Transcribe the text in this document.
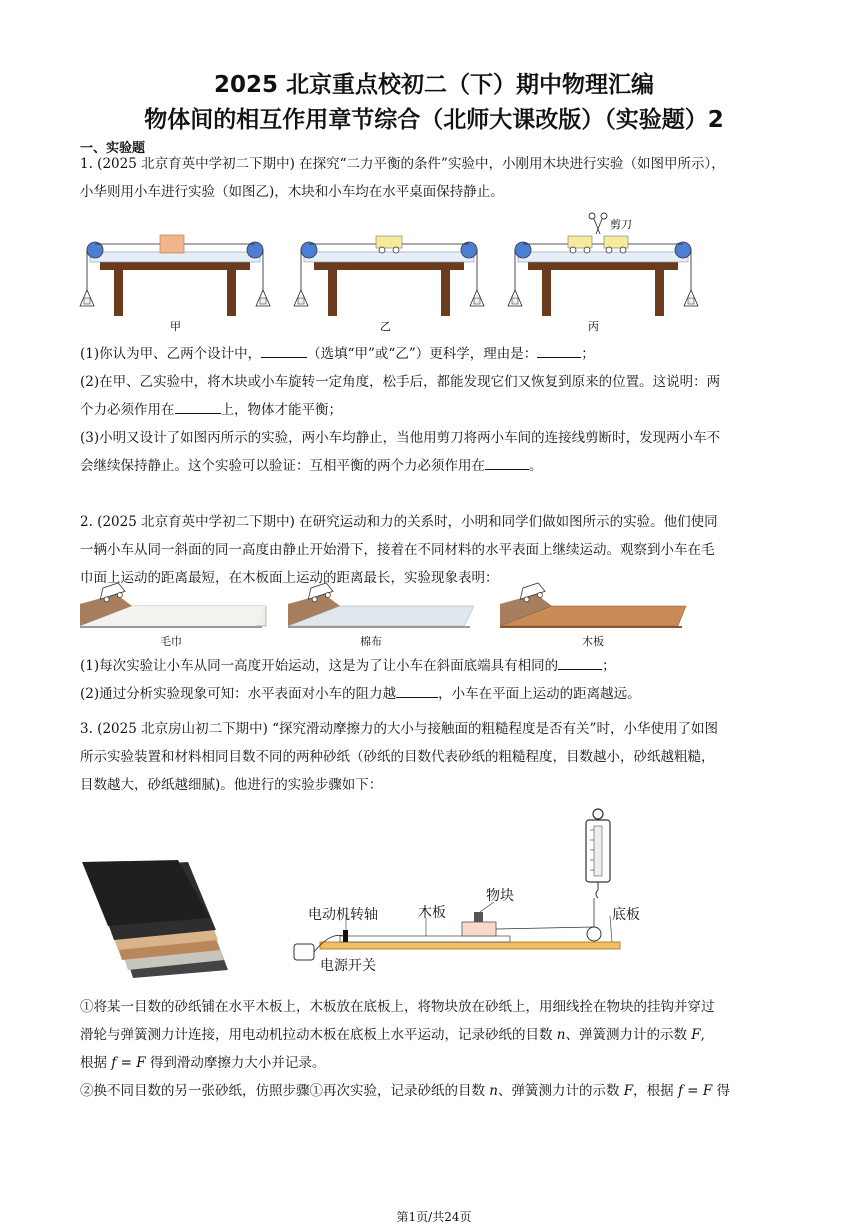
2025 北京重点校初二（下）期中物理汇编
物体间的相互作用章节综合（北师大课改版）（实验题）2
一、实验题
1. (2025 北京育英中学初二下期中) 在探究“二力平衡的条件”实验中，小刚用木块进行实验（如图甲所示），
小华则用小车进行实验（如图乙)，木块和小车均在水平桌面保持静止。
剪刀
甲	乙	丙
(1)你认为甲、乙两个设计中，	（选填“甲”或“乙”）更科学，理由是：	；
(2)在甲、乙实验中，将木块或小车旋转一定角度，松手后，都能发现它们又恢复到原来的位置。这说明：两
个力必须作用在	上，物体才能平衡；
(3)小明又设计了如图丙所示的实验，两小车均静止，当他用剪刀将两小车间的连接线剪断时，发现两小车不
会继续保持静止。这个实验可以验证：互相平衡的两个力必须作用在	。
2. (2025 北京育英中学初二下期中) 在研究运动和力的关系时，小明和同学们做如图所示的实验。他们使同
一辆小车从同一斜面的同一高度由静止开始滑下，接着在不同材料的水平表面上继续运动。观察到小车在毛
巾面上运动的距离最短，在木板面上运动的距离最长，实验现象表明：
毛巾	棉布	木板
(1)每次实验让小车从同一高度开始运动，这是为了让小车在斜面底端具有相同的	；
(2)通过分析实验现象可知：水平表面对小车的阻力越	，小车在平面上运动的距离越远。
3. (2025 北京房山初二下期中) “探究滑动摩擦力的大小与接触面的粗糙程度是否有关”时，小华使用了如图
所示实验装置和材料相同目数不同的两种砂纸（砂纸的目数代表砂纸的粗糙程度，目数越小，砂纸越粗糙，
目数越大，砂纸越细腻)。他进行的实验步骤如下：
物块
电动机转轴	木板	底板
电源开关
①将某一目数的砂纸铺在水平木板上，木板放在底板上，将物块放在砂纸上，用细线拴在物块的挂钩并穿过
滑轮与弹簧测力计连接，用电动机拉动木板在底板上水平运动，记录砂纸的目数 n、弹簧测力计的示数 F,
根据 f = F 得到滑动摩擦力大小并记录。
②换不同目数的另一张砂纸，仿照步骤①再次实验，记录砂纸的目数 n、弹簧测力计的示数 F，根据 f = F 得
第1页/共24页
